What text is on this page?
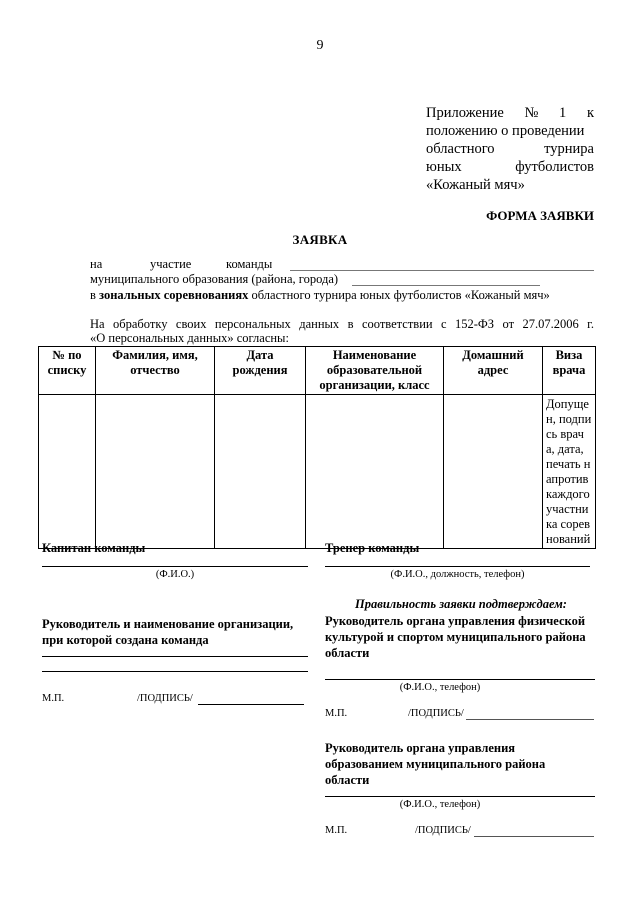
9
Приложение № 1 к
положению о проведении
областного	турнира
юных	футболистов
«Кожаный мяч»
ФОРМА ЗАЯВКИ
ЗАЯВКА
на	участие	команды
муниципального образования (района, города)
в зональных соревнованиях областного турнира юных футболистов «Кожаный мяч»
На обработку своих персональных данных в соответствии с 152-ФЗ от 27.07.2006 г.
«О персональных данных» согласны:
№ по списку	Фамилия, имя, отчество	Дата рождения	Наименование образовательной организации, класс	Домашний адрес	Виза врача
					Допущен, подпись врача, дата, печать напротив каждого участника соревнований
Капитан команды
(Ф.И.О.)
Тренер команды
(Ф.И.О., должность, телефон)
Правильность заявки подтверждаем:
Руководитель и наименование организации,
при которой создана команда
М.П.	/ПОДПИСЬ/
Руководитель органа управления физической
культурой и спортом муниципального района
области
(Ф.И.О., телефон)
М.П.	/ПОДПИСЬ/
Руководитель органа управления
образованием муниципального района
области
(Ф.И.О., телефон)
М.П.	/ПОДПИСЬ/
